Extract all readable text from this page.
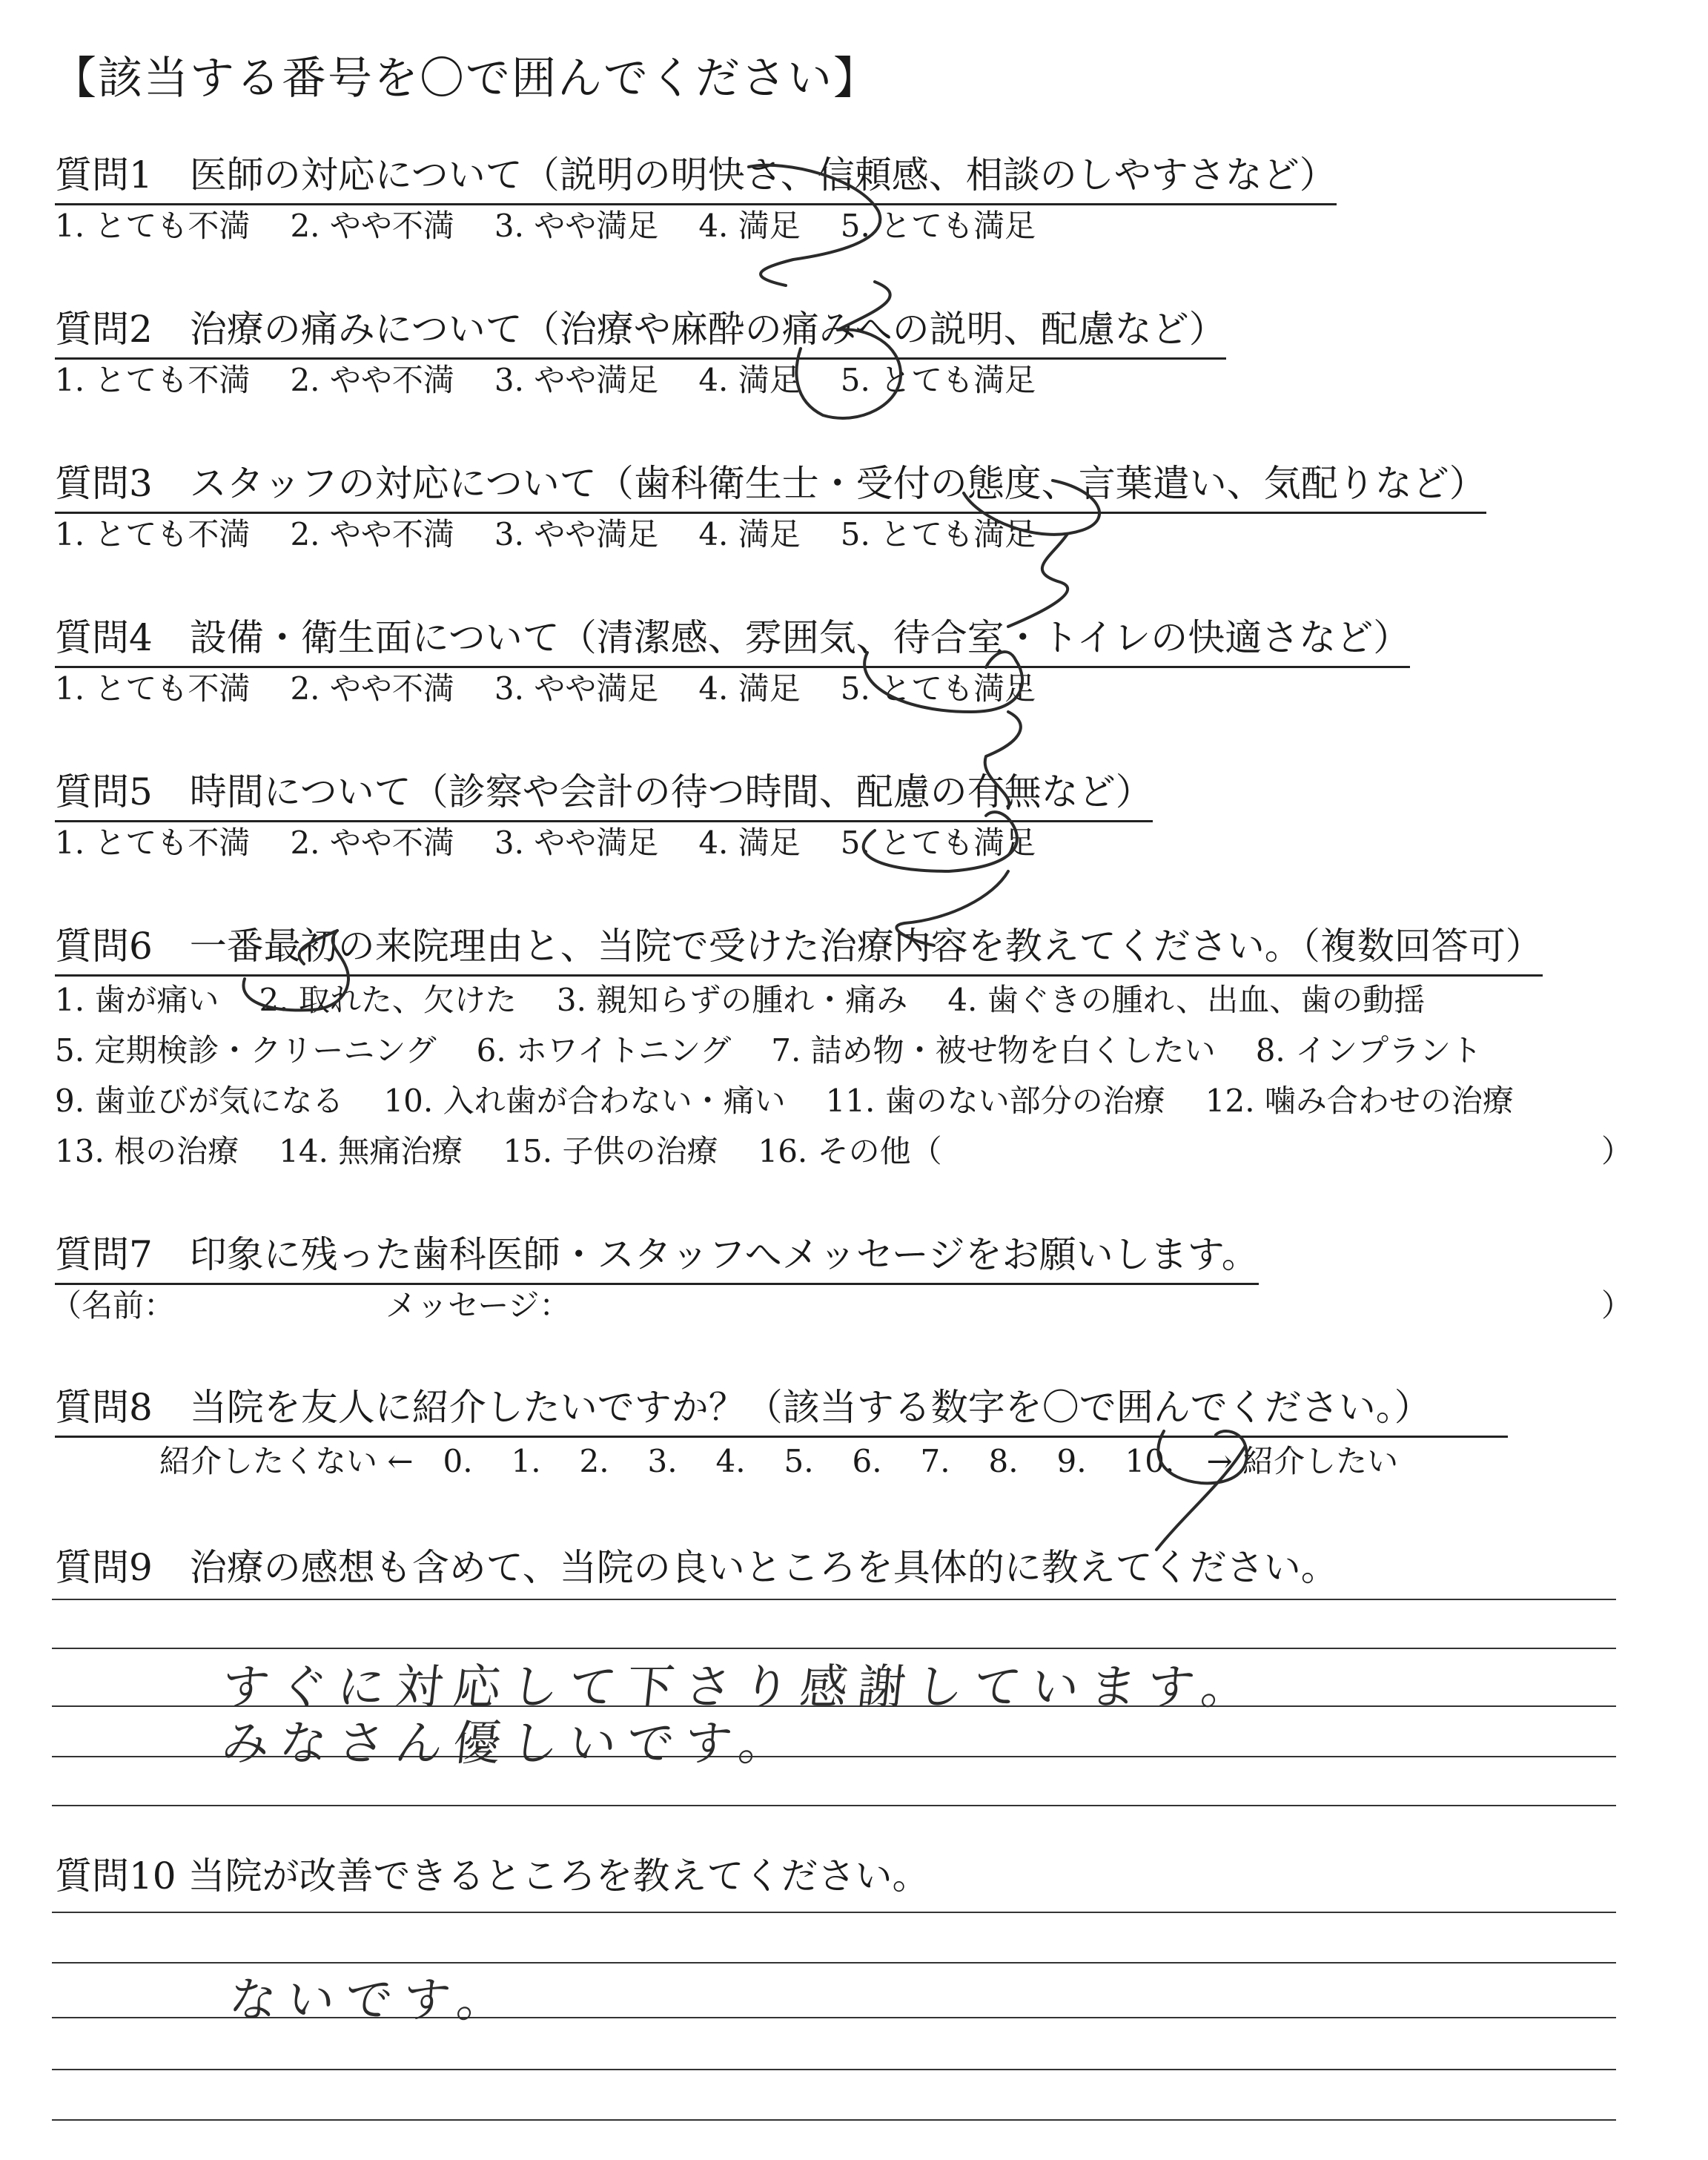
【該当する番号を〇で囲んでください】
質問1　医師の対応について（説明の明快さ、信頼感、相談のしやすさなど）
1. とても不満 2. やや不満 3. やや満足 4. 満足 5. とても満足
質問2　治療の痛みについて（治療や麻酔の痛みへの説明、配慮など）
1. とても不満 2. やや不満 3. やや満足 4. 満足 5. とても満足
質問3　スタッフの対応について（歯科衛生士・受付の態度、言葉遣い、気配りなど）
1. とても不満 2. やや不満 3. やや満足 4. 満足 5. とても満足
質問4　設備・衛生面について（清潔感、雰囲気、待合室・トイレの快適さなど）
1. とても不満 2. やや不満 3. やや満足 4. 満足 5. とても満足
質問5　時間について（診察や会計の待つ時間、配慮の有無など）
1. とても不満 2. やや不満 3. やや満足 4. 満足 5. とても満足
質問6　一番最初の来院理由と、当院で受けた治療内容を教えてください。（複数回答可）
1. 歯が痛い 2. 取れた、欠けた 3. 親知らずの腫れ・痛み 4. 歯ぐきの腫れ、出血、歯の動揺
5. 定期検診・クリーニング 6. ホワイトニング 7. 詰め物・被せ物を白くしたい 8. インプラント
9. 歯並びが気になる 10. 入れ歯が合わない・痛い 11. 歯のない部分の治療 12. 噛み合わせの治療
13. 根の治療 14. 無痛治療 15. 子供の治療 16. その他（	）
質問7　印象に残った歯科医師・スタッフへメッセージをお願いします。
（名前：	メッセージ：	）
質問8　当院を友人に紹介したいですか？（該当する数字を〇で囲んでください。）
紹介したくない ← 0. 1. 2. 3. 4. 5. 6. 7. 8. 9. 10. → 紹介したい
質問9　治療の感想も含めて、当院の良いところを具体的に教えてください。
すぐに対応して下さり感謝しています。
みなさん優しいです。
質問10 当院が改善できるところを教えてください。
ないです。
